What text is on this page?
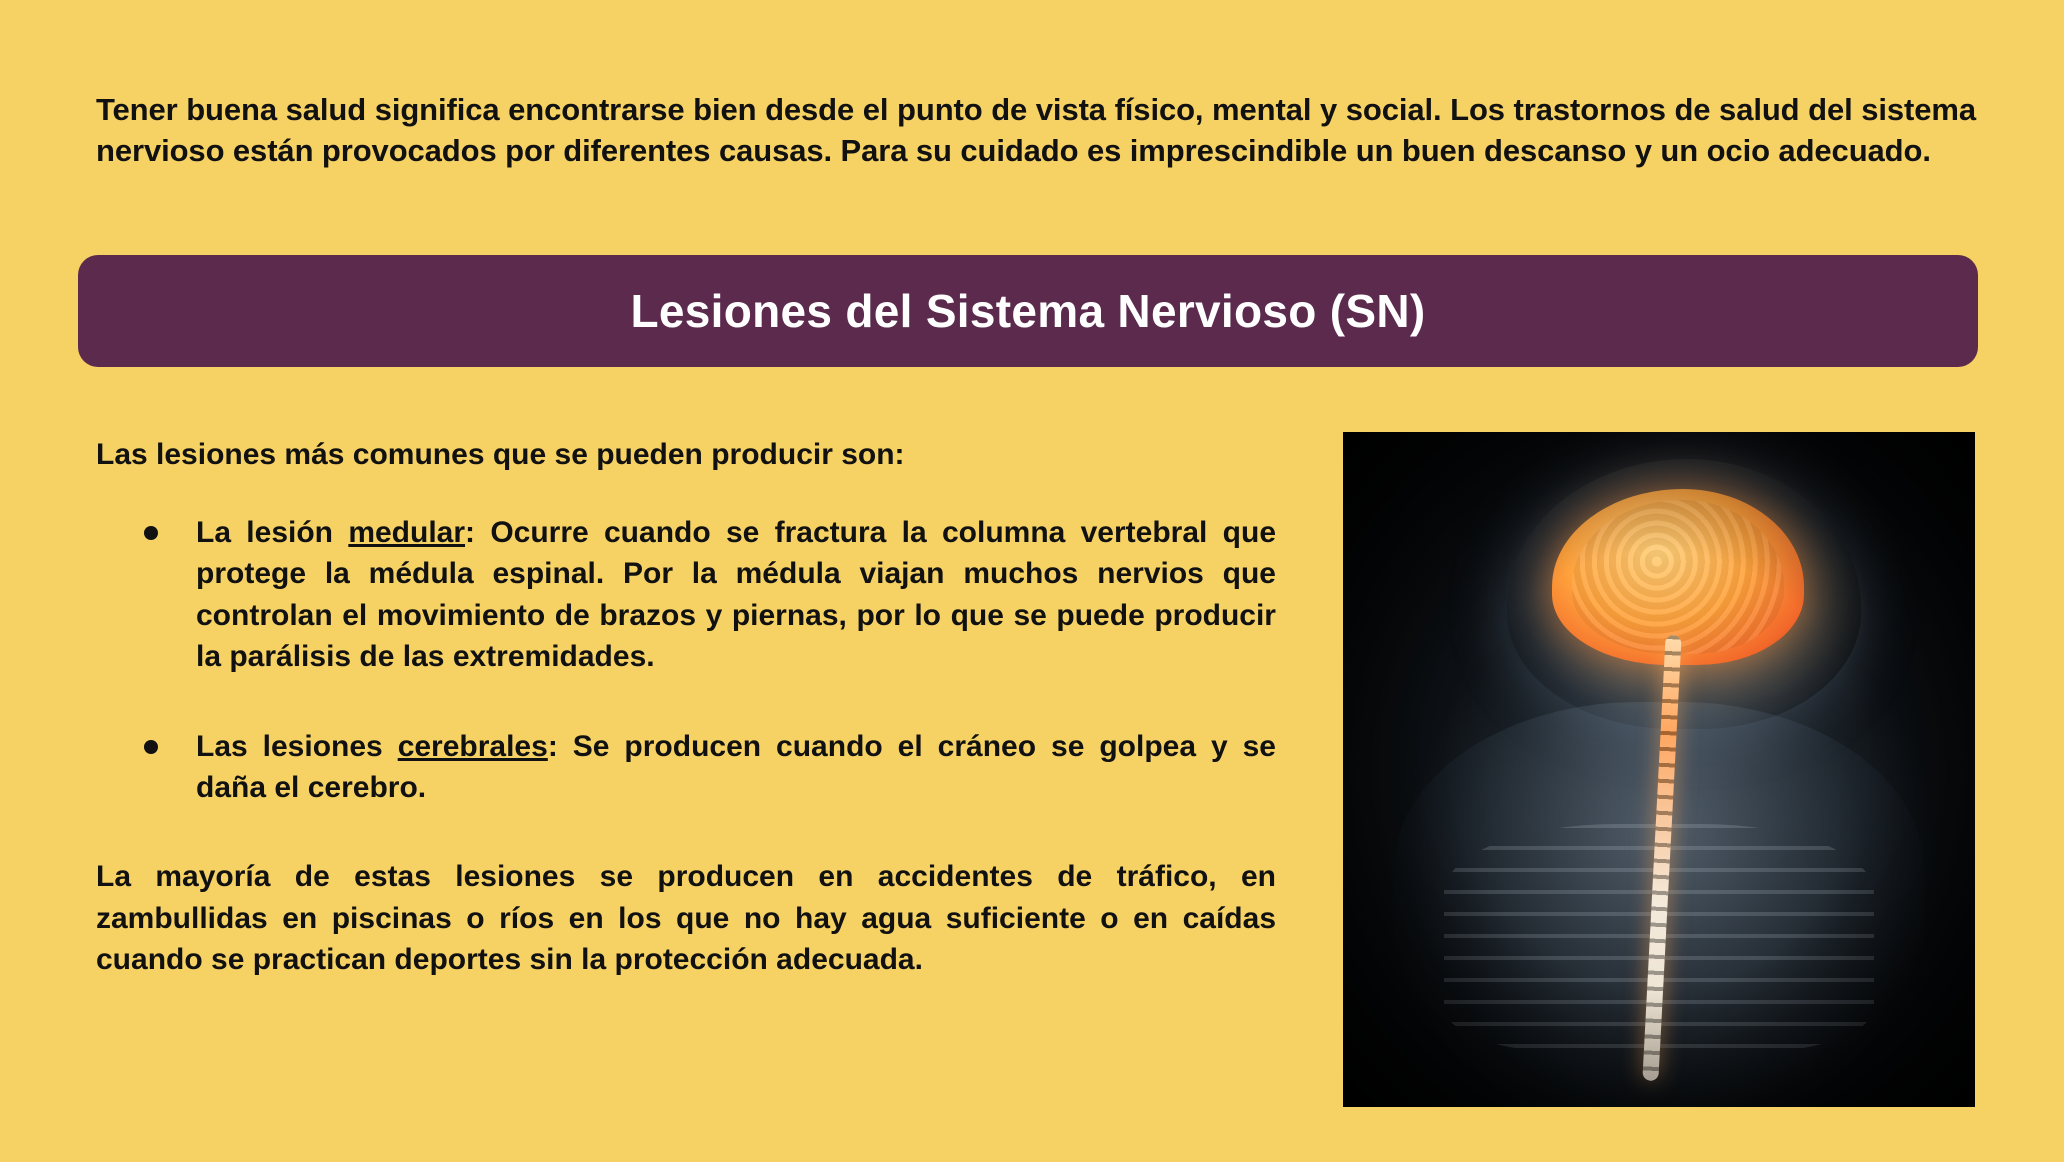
Tener buena salud significa encontrarse bien desde el punto de vista físico, mental y social. Los trastornos de salud del sistema nervioso están provocados por diferentes causas. Para su cuidado es imprescindible un buen descanso y un ocio adecuado.

Lesiones del Sistema Nervioso (SN)
Las lesiones más comunes que se pueden producir son:
La lesión medular: Ocurre cuando se fractura la columna vertebral que protege la médula espinal. Por la médula viajan muchos nervios que controlan el movimiento de brazos y piernas, por lo que se puede producir la parálisis de las extremidades.
Las lesiones cerebrales: Se producen cuando el cráneo se golpea y se daña el cerebro.

La mayoría de estas lesiones se producen en accidentes de tráfico, en zambullidas en piscinas o ríos en los que no hay agua suficiente o en caídas cuando se practican deportes sin la protección adecuada.
